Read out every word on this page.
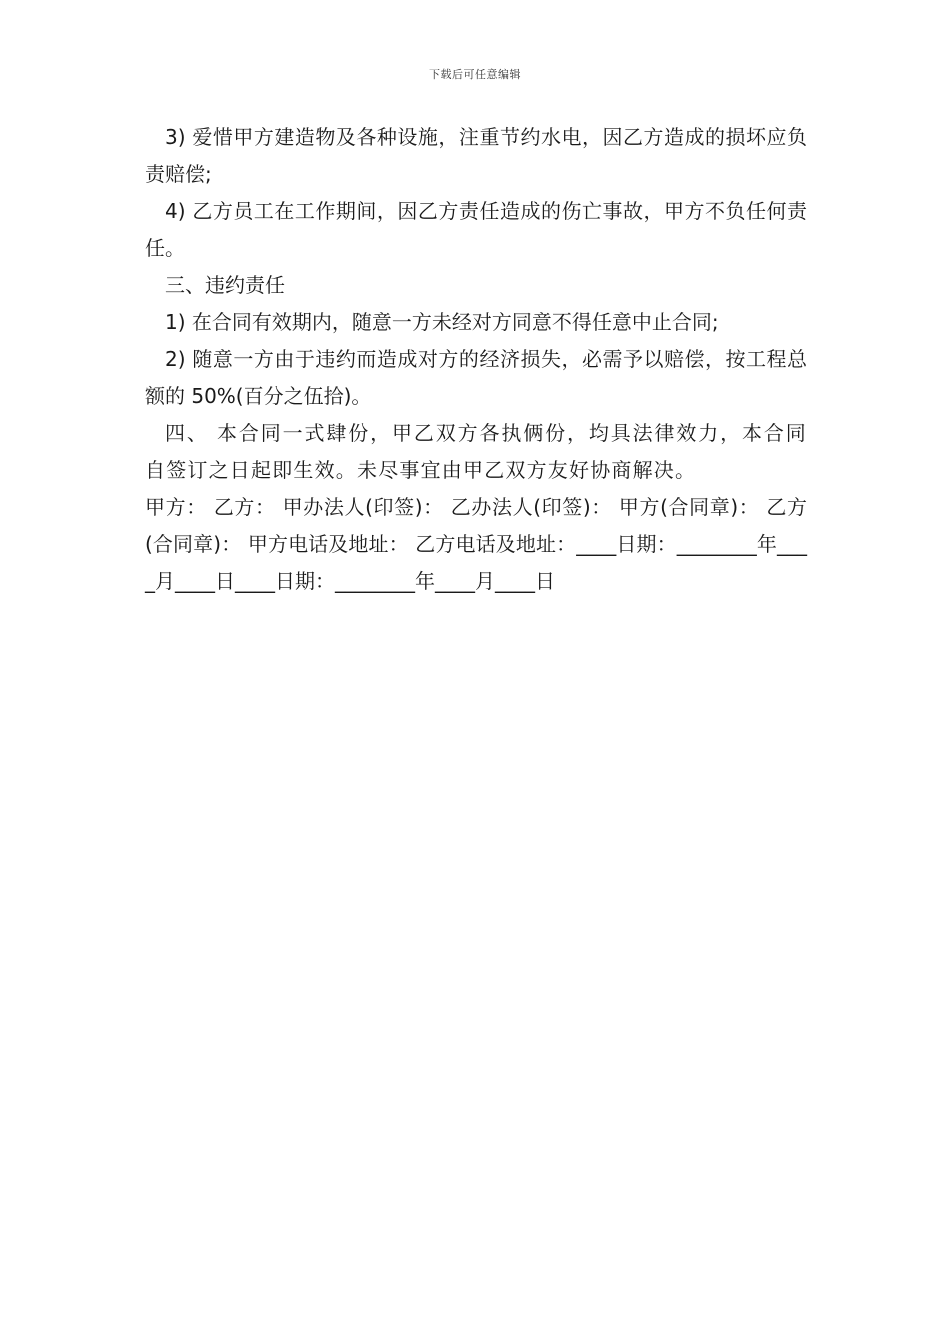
下载后可任意编辑

3) 爱惜甲方建造物及各种设施，注重节约水电，因乙方造成的损坏应负责赔偿;

4) 乙方员工在工作期间，因乙方责任造成的伤亡事故，甲方不负任何责任。

三、违约责任

1) 在合同有效期内，随意一方未经对方同意不得任意中止合同;

2) 随意一方由于违约而造成对方的经济损失，必需予以赔偿，按工程总额的 50%(百分之伍拾)。

四、 本合同一式肆份，甲乙双方各执俩份，均具法律效力，本合同自签订之日起即生效。未尽事宜由甲乙双方友好协商解决。

甲方： 乙方： 甲办法人(印签)： 乙办法人(印签)： 甲方(合同章)： 乙方(合同章)： 甲方电话及地址： 乙方电话及地址：____日期：________年____月____日____日期：________年____月____日
